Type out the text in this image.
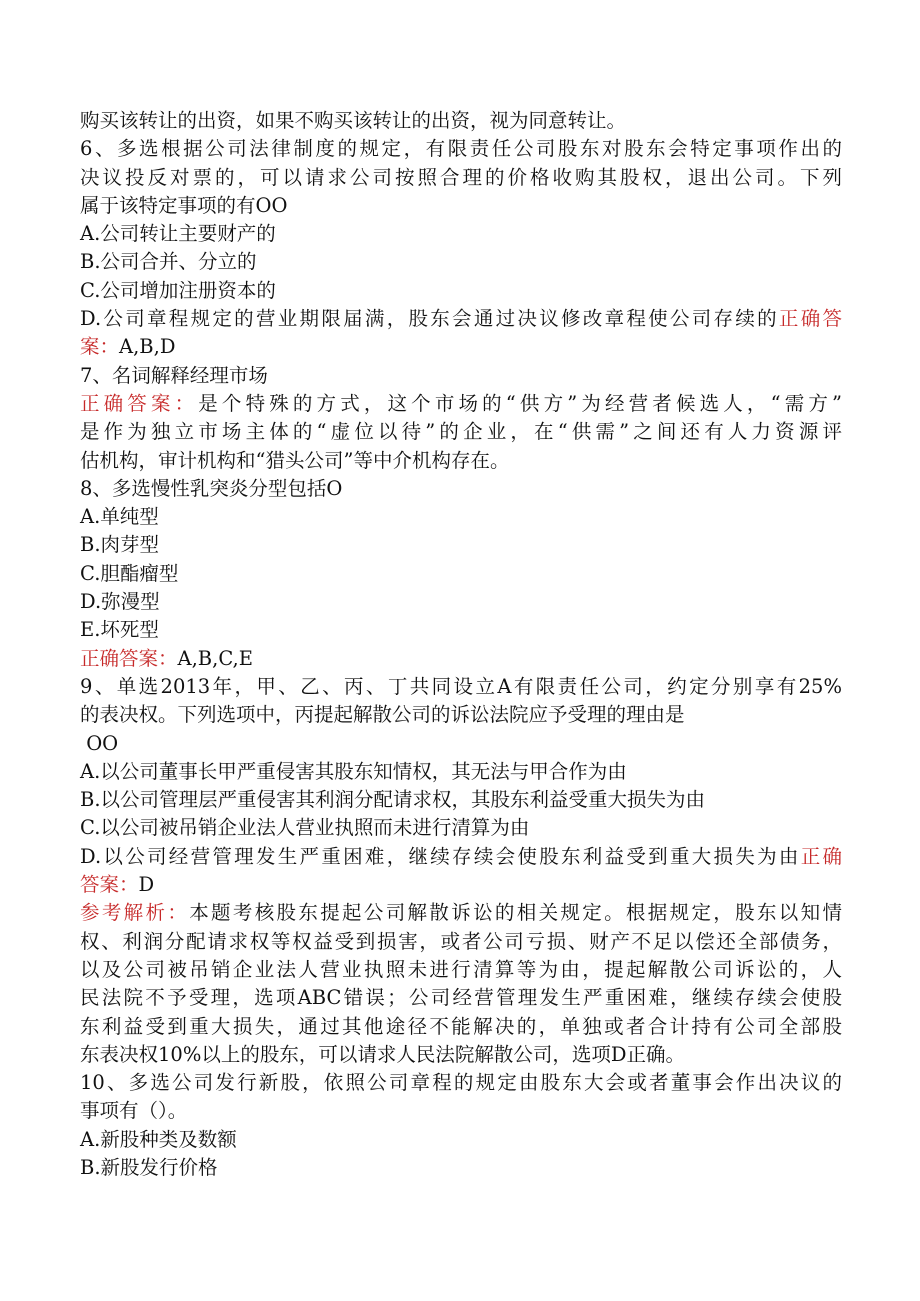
购买该转让的出资，如果不购买该转让的出资，视为同意转让。
6、多选根据公司法律制度的规定，有限责任公司股东对股东会特定事项作出的
决议投反对票的，可以请求公司按照合理的价格收购其股权，退出公司。下列
属于该特定事项的有OO
A.公司转让主要财产的
B.公司合并、分立的
C.公司增加注册资本的
D.公司章程规定的营业期限届满，股东会通过决议修改章程使公司存续的正确答
案：A,B,D
7、名词解释经理市场
正确答案：是个特殊的方式，这个市场的“供方”为经营者候选人，“需方”
是作为独立市场主体的“虚位以待”的企业，在“供需”之间还有人力资源评
估机构，审计机构和“猎头公司”等中介机构存在。
8、多选慢性乳突炎分型包括O
A.单纯型
B.肉芽型
C.胆酯瘤型
D.弥漫型
E.坏死型
正确答案：A,B,C,E
9、单选2013年，甲、乙、丙、丁共同设立A有限责任公司，约定分别享有25%
的表决权。下列选项中，丙提起解散公司的诉讼法院应予受理的理由是
OO
A.以公司董事长甲严重侵害其股东知情权，其无法与甲合作为由
B.以公司管理层严重侵害其利润分配请求权，其股东利益受重大损失为由
C.以公司被吊销企业法人营业执照而未进行清算为由
D.以公司经营管理发生严重困难，继续存续会使股东利益受到重大损失为由正确
答案：D
参考解析：本题考核股东提起公司解散诉讼的相关规定。根据规定，股东以知情
权、利润分配请求权等权益受到损害，或者公司亏损、财产不足以偿还全部债务，
以及公司被吊销企业法人营业执照未进行清算等为由，提起解散公司诉讼的，人
民法院不予受理，选项ABC错误；公司经营管理发生严重困难，继续存续会使股
东利益受到重大损失，通过其他途径不能解决的，单独或者合计持有公司全部股
东表决权10%以上的股东，可以请求人民法院解散公司，选项D正确。
10、多选公司发行新股，依照公司章程的规定由股东大会或者董事会作出决议的
事项有（）。
A.新股种类及数额
B.新股发行价格
